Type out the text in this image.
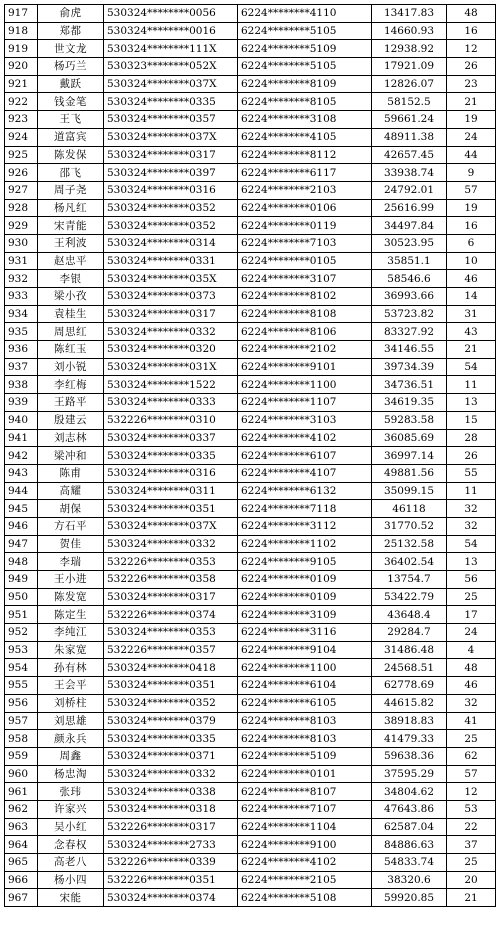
917	俞虎	530324********0056	6224********4110	13417.83	48
918	郑都	530324********0016	6224********5105	14660.93	16
919	世文龙	530324********111X	6224********5109	12938.92	12
920	杨巧兰	530323********052X	6224********5105	17921.09	26
921	戴跃	530324********037X	6224********8109	12826.07	23
922	钱金笔	530324********0335	6224********8105	58152.5	21
923	王飞	530324********0357	6224********3108	59661.24	19
924	道富宾	530324********037X	6224********4105	48911.38	24
925	陈发保	530324********0317	6224********8112	42657.45	44
926	邵飞	530324********0397	6224********6117	33938.74	9
927	周子尧	530324********0316	6224********2103	24792.01	57
928	杨凡红	530324********0352	6224********0106	25616.99	19
929	宋青能	530324********0352	6224********0119	34497.84	16
930	王利波	530324********0314	6224********7103	30523.95	6
931	赵忠平	530324********0331	6224********0105	35851.1	10
932	李银	530324********035X	6224********3107	58546.6	46
933	梁小孜	530324********0373	6224********8102	36993.66	14
934	袁桂生	530324********0317	6224********8108	53723.82	31
935	周思红	530324********0332	6224********8106	83327.92	43
936	陈红玉	530324********0320	6224********2102	34146.55	21
937	刘小锐	530324********031X	6224********9101	39734.39	54
938	李红梅	530324********1522	6224********1100	34736.51	11
939	王路平	530324********0333	6224********1107	34619.35	13
940	殷建云	532226********0310	6224********3103	59283.58	15
941	刘志林	530324********0337	6224********4102	36085.69	28
942	梁冲和	530324********0335	6224********6107	36997.14	26
943	陈甫	530324********0316	6224********4107	49881.56	55
944	高耀	530324********0311	6224********6132	35099.15	11
945	胡保	530324********0351	6224********7118	46118	32
946	方石平	530324********037X	6224********3112	31770.52	32
947	贺佳	530324********0332	6224********1102	25132.58	54
948	李瑞	532226********0353	6224********9105	36402.54	13
949	王小进	532226********0358	6224********0109	13754.7	56
950	陈发宽	530324********0317	6224********0109	53422.79	25
951	陈定生	532226********0374	6224********3109	43648.4	17
952	李纯江	530324********0353	6224********3116	29284.7	24
953	朱家宽	532226********0357	6224********9104	31486.48	4
954	孙有林	530324********0418	6224********1100	24568.51	48
955	王会平	530324********0351	6224********6104	62778.69	46
956	刘桥柱	530324********0352	6224********6105	44615.82	32
957	刘思雄	530324********0379	6224********8103	38918.83	41
958	颜永兵	530324********0335	6224********8103	41479.33	25
959	周鑫	530324********0371	6224********5109	59638.36	62
960	杨忠淘	530324********0332	6224********0101	37595.29	57
961	张玮	530324********0338	6224********8107	34804.62	12
962	许家兴	530324********0318	6224********7107	47643.86	53
963	吴小红	532226********0317	6224********1104	62587.04	22
964	念春权	530324********2733	6224********9100	84886.63	37
965	高老八	532226********0339	6224********4102	54833.74	25
966	杨小四	532226********0351	6224********2105	38320.6	20
967	宋能	530324********0374	6224********5108	59920.85	21
